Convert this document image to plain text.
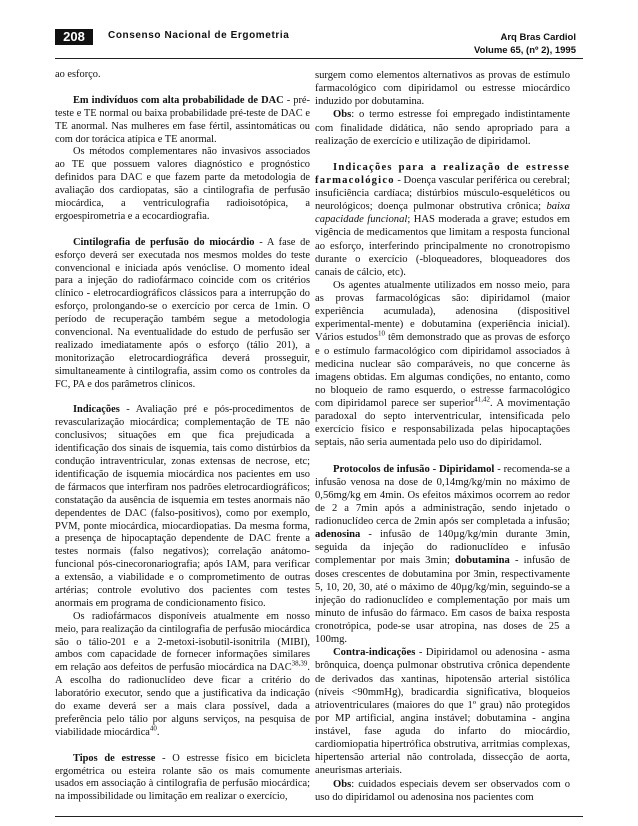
208	Consenso Nacional de Ergometria	Arq Bras Cardiol
Volume 65, (nº 2), 1995

ao esforço.

Em indivíduos com alta probabilidade de DAC - pré-teste e TE normal ou baixa probabilidade pré-teste de DAC e TE anormal. Nas mulheres em fase fértil, assintomáticas ou com dor torácica atípica e TE anormal.

Os métodos complementares não invasivos associados ao TE que possuem valores diagnóstico e prognóstico definidos para DAC e que fazem parte da metodologia de avaliação dos cardiopatas, são a cintilografia de perfusão miocárdica, a ventriculografia radioisotópica, a ergoespirometria e a ecocardiografia.

Cintilografia de perfusão do miocárdio - A fase de esforço deverá ser executada nos mesmos moldes do teste convencional e iniciada após venóclise. O momento ideal para a injeção do radiofármaco coincide com os critérios clínico - eletrocardiográficos clássicos para a interrupção do esforço, prolongando-se o exercício por cerca de 1min. O período de recuperação também segue a metodologia convencional. Na eventualidade do estudo de perfusão ser realizado imediatamente após o esforço (tálio 201), a monitorização eletrocardiográfica deverá prosseguir, simultaneamente à cintilografia, assim como os controles da FC, PA e dos parâmetros clínicos.

Indicações - Avaliação pré e pós-procedimentos de revascularização miocárdica; complementação de TE não conclusivos; situações em que fica prejudicada a identificação dos sinais de isquemia, tais como distúrbios da condução intraventricular, zonas extensas de necrose, etc; identificação de isquemia miocárdica nos pacientes em uso de fármacos que interfiram nos padrões eletrocardiográficos; constatação da ausência de isquemia em testes anormais não dependentes de DAC (falso-positivos), como por exemplo, PVM, ponte miocárdica, miocardiopatias. Da mesma forma, a presença de hipocaptação dependente de DAC frente a testes normais (falso negativos); correlação anátomo-funcional pós-cinecoronariografia; após IAM, para verificar a extensão, a viabilidade e o comprometimento de outras artérias; controle evolutivo dos pacientes com testes anormais em programa de condicionamento físico.

Os radiofármacos disponíveis atualmente em nosso meio, para realização da cintilografia de perfusão miocárdica são o tálio-201 e a 2-metoxi-isobutil-isonitrila (MIBI), ambos com capacidade de fornecer informações similares em relação aos defeitos de perfusão miocárdica na DAC$^{38,39}$. A escolha do radionuclídeo deve ficar a critério do laboratório executor, sendo que a justificativa da indicação do exame deverá ser a mais clara possível, dada a preferência pelo tálio por alguns serviços, na pesquisa de viabilidade miocárdica$^{40}$.

Tipos de estresse - O estresse físico em bicicleta ergométrica ou esteira rolante são os mais comumente usados em associação à cintilografia de perfusão miocárdica; na impossibilidade ou limitação em realizar o exercício,

surgem como elementos alternativos as provas de estímulo farmacológico com dipiridamol ou estresse miocárdico induzido por dobutamina.

Obs: o termo estresse foi empregado indistintamente com finalidade didática, não sendo apropriado para a realização de exercício e utilização de dipiridamol.

Indicações para a realização de estresse farmacológico - Doença vascular periférica ou cerebral; insuficiência cardíaca; distúrbios músculo-esqueléticos ou neurológicos; doença pulmonar obstrutiva crônica; baixa capacidade funcional; HAS moderada a grave; estudos em vigência de medicamentos que limitam a resposta funcional ao esforço, interferindo principalmente no cronotropismo durante o exercício (-bloqueadores, bloqueadores dos canais de cálcio, etc).

Os agentes atualmente utilizados em nosso meio, para as provas farmacológicas são: dipiridamol (maior experiência acumulada), adenosina (dispositivel experimental-mente) e dobutamina (experiência inicial). Vários estudos$^{10}$ têm demonstrado que as provas de esforço e o estímulo farmacológico com dipiridamol associados à medicina nuclear são comparáveis, no que concerne às imagens obtidas. Em algumas condições, no entanto, como no bloqueio de ramo esquerdo, o estresse farmacológico com dipiridamol parece ser superior$^{41,42}$. A movimentação paradoxal do septo interventricular, intensificada pelo exercício físico e responsabilizada pelas hipocaptações septais, não seria aumentada pelo uso do dipiridamol.

Protocolos de infusão - Dipiridamol - recomenda-se a infusão venosa na dose de 0,14mg/kg/min no máximo de 0,56mg/kg em 4min. Os efeitos máximos ocorrem ao redor de 2 a 7min após a administração, sendo injetado o radionuclídeo cerca de 2min após ser completada a infusão; adenosina - infusão de 140µg/kg/min durante 3min, seguida da injeção do radionuclídeo e infusão complementar por mais 3min; dobutamina - infusão de doses crescentes de dobutamina por 3min, respectivamente 5, 10, 20, 30, até o máximo de 40µg/kg/min, seguindo-se a injeção do radionuclídeo e complementação por mais um minuto de infusão do fármaco. Em casos de baixa resposta cronotrópica, pode-se usar atropina, nas doses de 25 a 100mg.

Contra-indicações - Dipiridamol ou adenosina - asma brônquica, doença pulmonar obstrutiva crônica dependente de derivados das xantinas, hipotensão arterial sistólica (níveis <90mmHg), bradicardia significativa, bloqueios atrioventriculares (maiores do que 1º grau) não protegidos por MP artificial, angina instável; dobutamina - angina instável, fase aguda do infarto do miocárdio, cardiomiopatia hipertrófica obstrutiva, arritmias complexas, hipertensão arterial não controlada, dissecção de aorta, aneurismas arteriais.

Obs: cuidados especiais devem ser observados com o uso do dipiridamol ou adenosina nos pacientes com
